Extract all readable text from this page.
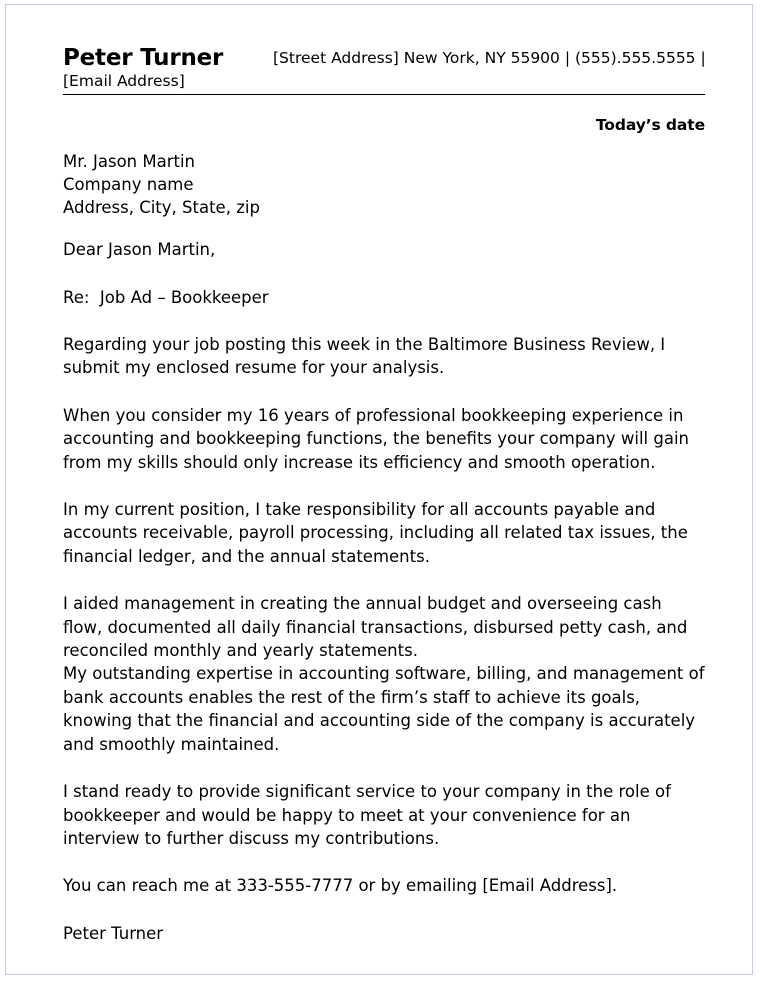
Peter Turner	[Street Address] New York, NY 55900 | (555).555.5555 |
[Email Address]
Today’s date
Mr. Jason Martin
Company name
Address, City, State, zip
Dear Jason Martin,
Re:  Job Ad – Bookkeeper
Regarding your job posting this week in the Baltimore Business Review, I submit my enclosed resume for your analysis.
When you consider my 16 years of professional bookkeeping experience in accounting and bookkeeping functions, the benefits your company will gain from my skills should only increase its efficiency and smooth operation.
In my current position, I take responsibility for all accounts payable and accounts receivable, payroll processing, including all related tax issues, the financial ledger, and the annual statements.
I aided management in creating the annual budget and overseeing cash flow, documented all daily financial transactions, disbursed petty cash, and reconciled monthly and yearly statements.
My outstanding expertise in accounting software, billing, and management of bank accounts enables the rest of the firm’s staff to achieve its goals, knowing that the financial and accounting side of the company is accurately and smoothly maintained.
I stand ready to provide significant service to your company in the role of bookkeeper and would be happy to meet at your convenience for an interview to further discuss my contributions.
You can reach me at 333-555-7777 or by emailing [Email Address].
Peter Turner
